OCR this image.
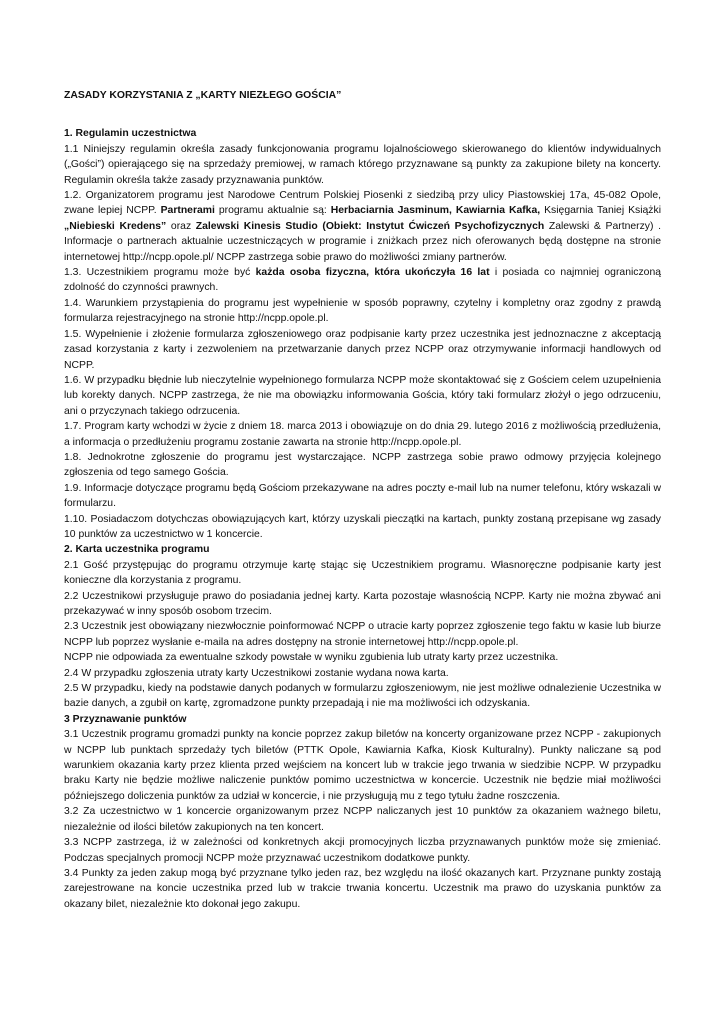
ZASADY KORZYSTANIA Z „KARTY NIEZŁEGO GOŚCIA”

1. Regulamin uczestnictwa

1.1 Niniejszy regulamin określa zasady funkcjonowania programu lojalnościowego skierowanego do klientów indywidualnych („Gości”) opierającego się na sprzedaży premiowej, w ramach którego przyznawane są punkty za zakupione bilety na koncerty. Regulamin określa także zasady przyznawania punktów.

1.2. Organizatorem programu jest Narodowe Centrum Polskiej Piosenki z siedzibą przy ulicy Piastowskiej 17a, 45-082 Opole, zwane lepiej NCPP. Partnerami programu aktualnie są: Herbaciarnia Jasminum, Kawiarnia Kafka, Księgarnia Taniej Książki „Niebieski Kredens” oraz Zalewski Kinesis Studio (Obiekt: Instytut Ćwiczeń Psychofizycznych Zalewski & Partnerzy) . Informacje o partnerach aktualnie uczestniczących w programie i zniżkach przez nich oferowanych będą dostępne na stronie internetowej http://ncpp.opole.pl/ NCPP zastrzega sobie prawo do możliwości zmiany partnerów.

1.3. Uczestnikiem programu może być każda osoba fizyczna, która ukończyła 16 lat i posiada co najmniej ograniczoną zdolność do czynności prawnych.

1.4. Warunkiem przystąpienia do programu jest wypełnienie w sposób poprawny, czytelny i kompletny oraz zgodny z prawdą formularza rejestracyjnego na stronie http://ncpp.opole.pl.

1.5. Wypełnienie i złożenie formularza zgłoszeniowego oraz podpisanie karty przez uczestnika jest jednoznaczne z akceptacją zasad korzystania z karty i zezwoleniem na przetwarzanie danych przez NCPP oraz otrzymywanie informacji handlowych od NCPP.

1.6. W przypadku błędnie lub nieczytelnie wypełnionego formularza NCPP może skontaktować się z Gościem celem uzupełnienia lub korekty danych. NCPP zastrzega, że nie ma obowiązku informowania Gościa, który taki formularz złożył o jego odrzuceniu, ani o przyczynach takiego odrzucenia.

1.7. Program karty wchodzi w życie z dniem 18. marca 2013 i obowiązuje on do dnia 29. lutego 2016 z możliwością przedłużenia, a informacja o przedłużeniu programu zostanie zawarta na stronie http://ncpp.opole.pl.

1.8. Jednokrotne zgłoszenie do programu jest wystarczające. NCPP zastrzega sobie prawo odmowy przyjęcia kolejnego zgłoszenia od tego samego Gościa.

1.9. Informacje dotyczące programu będą Gościom przekazywane na adres poczty e-mail lub na numer telefonu, który wskazali w formularzu.

1.10. Posiadaczom dotychczas obowiązujących kart, którzy uzyskali pieczątki na kartach, punkty zostaną przepisane wg zasady 10 punktów za uczestnictwo w 1 koncercie.

2. Karta uczestnika programu

2.1 Gość przystępując do programu otrzymuje kartę stając się Uczestnikiem programu. Własnoręczne podpisanie karty jest konieczne dla korzystania z programu.

2.2 Uczestnikowi przysługuje prawo do posiadania jednej karty. Karta pozostaje własnością NCPP. Karty nie można zbywać ani przekazywać w inny sposób osobom trzecim.

2.3 Uczestnik jest obowiązany niezwłocznie poinformować NCPP o utracie karty poprzez zgłoszenie tego faktu w kasie lub biurze NCPP lub poprzez wysłanie e-maila na adres dostępny na stronie internetowej http://ncpp.opole.pl.

NCPP nie odpowiada za ewentualne szkody powstałe w wyniku zgubienia lub utraty karty przez uczestnika.

2.4 W przypadku zgłoszenia utraty karty Uczestnikowi zostanie wydana nowa karta.

2.5 W przypadku, kiedy na podstawie danych podanych w formularzu zgłoszeniowym, nie jest możliwe odnalezienie Uczestnika w bazie danych, a zgubił on kartę, zgromadzone punkty przepadają i nie ma możliwości ich odzyskania.

3 Przyznawanie punktów

3.1 Uczestnik programu gromadzi punkty na koncie poprzez zakup biletów na koncerty organizowane przez NCPP - zakupionych w NCPP lub punktach sprzedaży tych biletów (PTTK Opole, Kawiarnia Kafka, Kiosk Kulturalny). Punkty naliczane są pod warunkiem okazania karty przez klienta przed wejściem na koncert lub w trakcie jego trwania w siedzibie NCPP. W przypadku braku Karty nie będzie możliwe naliczenie punktów pomimo uczestnictwa w koncercie. Uczestnik nie będzie miał możliwości późniejszego doliczenia punktów za udział w koncercie, i nie przysługują mu z tego tytułu żadne roszczenia.

3.2 Za uczestnictwo w 1 koncercie organizowanym przez NCPP naliczanych jest 10 punktów za okazaniem ważnego biletu, niezależnie od ilości biletów zakupionych na ten koncert.

3.3 NCPP zastrzega, iż w zależności od konkretnych akcji promocyjnych liczba przyznawanych punktów może się zmieniać. Podczas specjalnych promocji NCPP może przyznawać uczestnikom dodatkowe punkty.

3.4 Punkty za jeden zakup mogą być przyznane tylko jeden raz, bez względu na ilość okazanych kart. Przyznane punkty zostają zarejestrowane na koncie uczestnika przed lub w trakcie trwania koncertu. Uczestnik ma prawo do uzyskania punktów za okazany bilet, niezależnie kto dokonał jego zakupu.
